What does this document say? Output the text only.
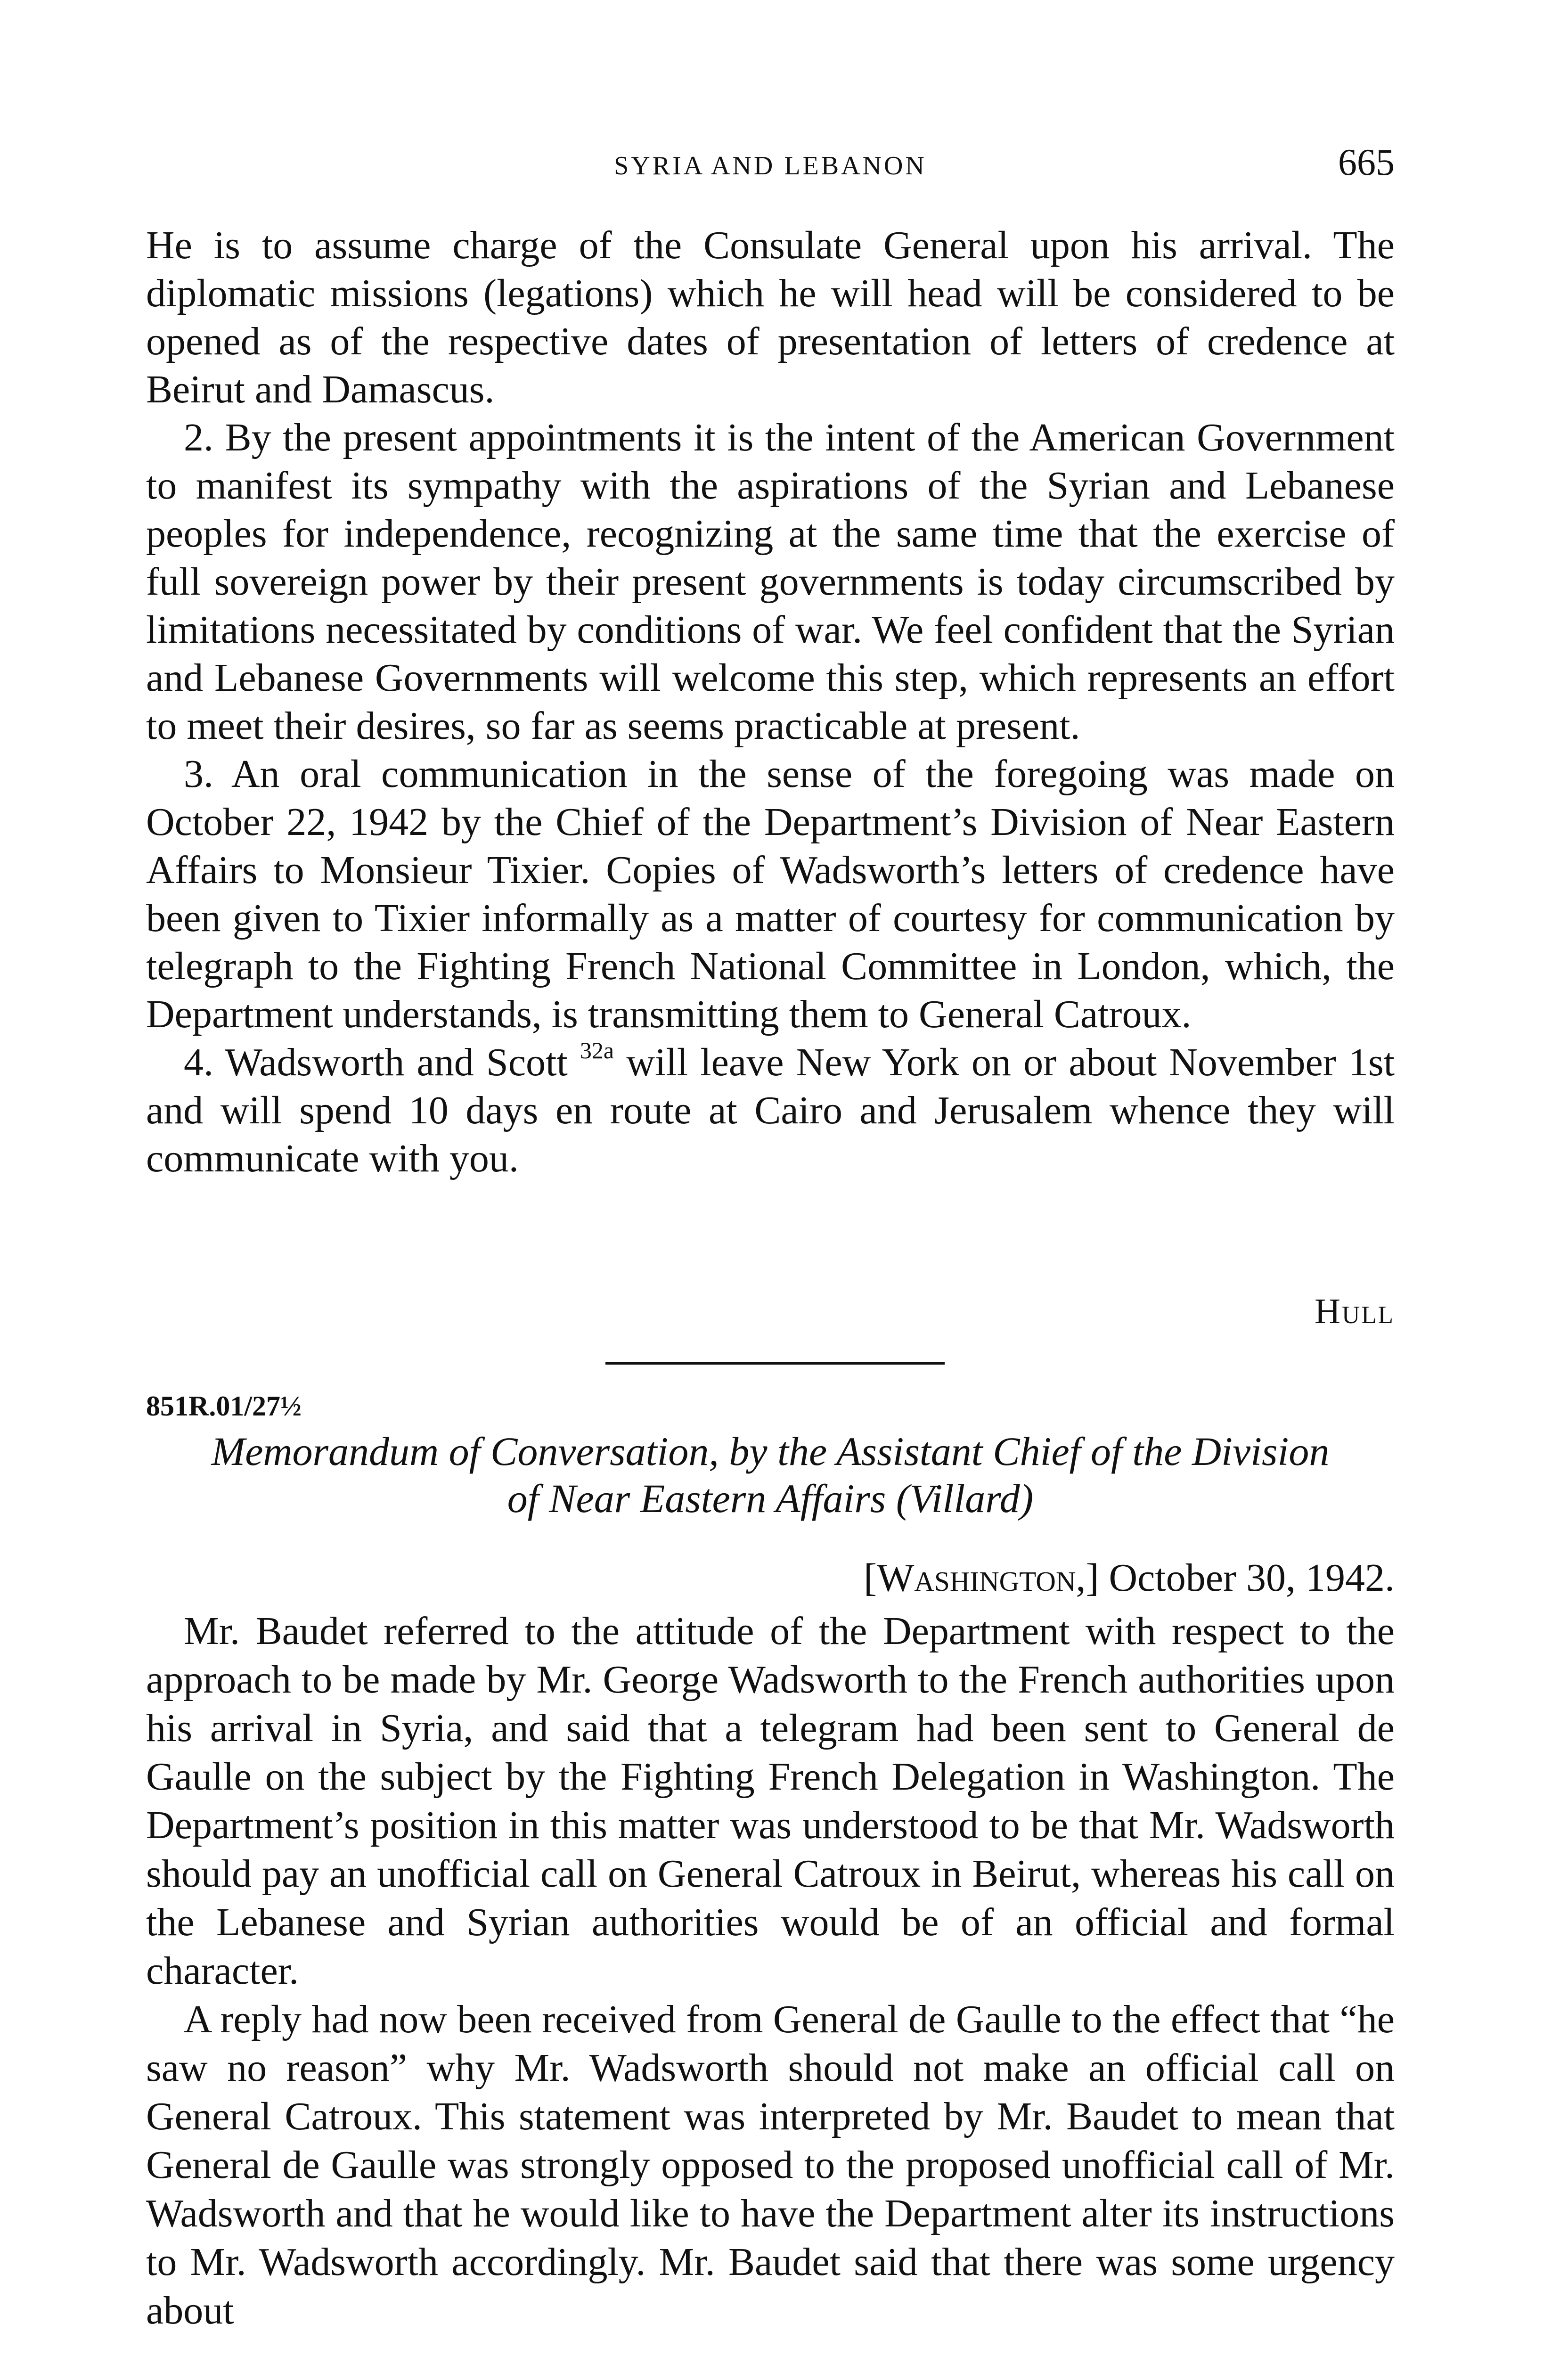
SYRIA AND LEBANON	665

He is to assume charge of the Consulate General upon his arrival. The diplomatic missions (legations) which he will head will be considered to be opened as of the respective dates of presentation of letters of credence at Beirut and Damascus.

2. By the present appointments it is the intent of the American Government to manifest its sympathy with the aspirations of the Syrian and Lebanese peoples for independence, recognizing at the same time that the exercise of full sovereign power by their present governments is today circumscribed by limitations necessitated by conditions of war. We feel confident that the Syrian and Lebanese Governments will welcome this step, which represents an effort to meet their desires, so far as seems practicable at present.

3. An oral communication in the sense of the foregoing was made on October 22, 1942 by the Chief of the Department’s Division of Near Eastern Affairs to Monsieur Tixier. Copies of Wadsworth’s letters of credence have been given to Tixier informally as a matter of courtesy for communication by telegraph to the Fighting French National Committee in London, which, the Department understands, is transmitting them to General Catroux.

4. Wadsworth and Scott $^{32a}$ will leave New York on or about November 1st and will spend 10 days en route at Cairo and Jerusalem whence they will communicate with you.

Hull
851R.01/27½
Memorandum of Conversation, by the Assistant Chief of the Division
of Near Eastern Affairs (Villard)
[Washington,] October 30, 1942.

Mr. Baudet referred to the attitude of the Department with respect to the approach to be made by Mr. George Wadsworth to the French authorities upon his arrival in Syria, and said that a telegram had been sent to General de Gaulle on the subject by the Fighting French Delegation in Washington. The Department’s position in this matter was understood to be that Mr. Wadsworth should pay an unofficial call on General Catroux in Beirut, whereas his call on the Lebanese and Syrian authorities would be of an official and formal character.

A reply had now been received from General de Gaulle to the effect that “he saw no reason” why Mr. Wadsworth should not make an official call on General Catroux. This statement was interpreted by Mr. Baudet to mean that General de Gaulle was strongly opposed to the proposed unofficial call of Mr. Wadsworth and that he would like to have the Department alter its instructions to Mr. Wadsworth accordingly. Mr. Baudet said that there was some urgency about
